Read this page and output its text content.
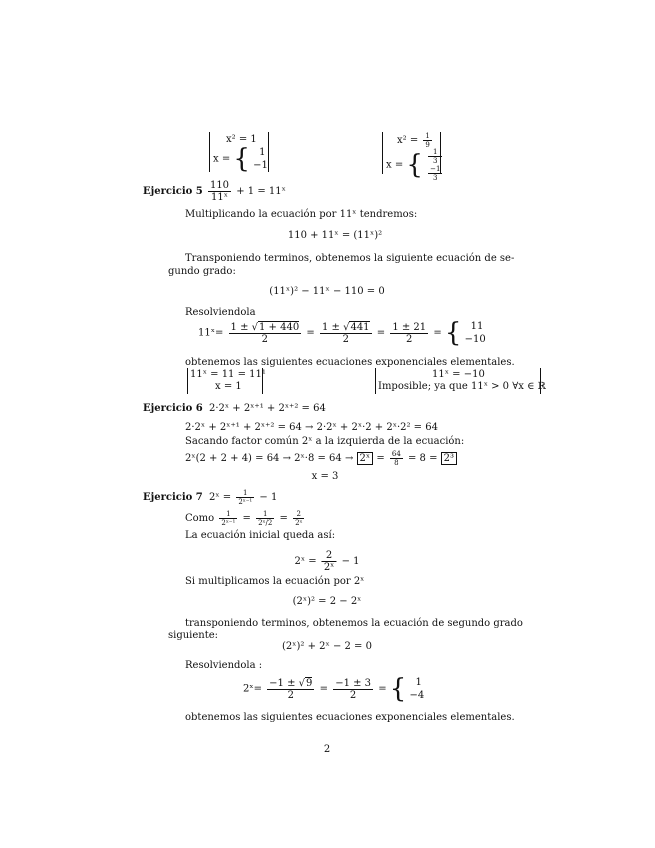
x² = 1
x = { 1
−1
$x^2 = \frac{1}{9}$
x = {	1
3
−1
3
Ejercicio $5 \frac{110}{\text{11ˣ}} + 1$ = 11ˣ
Multiplicando la ecuación por 11ˣ tendremos:
110 + 11ˣ = (11ˣ)²
Transponiendo terminos, obtenemos la siguiente ecuación de se-
gundo grado:
(11ˣ)² − 11ˣ − 110 = 0
Resolviendola
11ˣ= $\frac{1 \pm √1 + 440}{2} = \frac{1 \pm √441}{2} = \frac{1 \pm 21}{2}$ = { 11
−10
obtenemos las siguientes ecuaciones exponenciales elementales.
11ˣ = 11 = 11¹
x = 1
11ˣ = −10
Imposible; ya que 11ˣ > 0 ∀x ∈ ℝ
Ejercicio 6 2·2ˣ + 2ˣ⁺¹ + 2ˣ⁺² = 64
2·2ˣ + 2ˣ⁺¹ + 2ˣ⁺² = 64 → 2·2ˣ + 2ˣ·2 + 2ˣ·2² = 64
Sacando factor común 2ˣ a la izquierda de la ecuación:
2ˣ(2 + 2 + 4) = 64 → 2ˣ·8 = 64 → 2ˣ = $\frac{64}{8} = 8 = 2^3$
x = 3
Ejercicio 7 2ˣ = $\frac{1}{\text{2ˣ⁻¹}} - 1$
Como $\frac{1}{\text{2ˣ⁻¹}} = \frac{1}{\text{2ˣ/2}} = \frac{2}{\text{2ˣ}}$
La ecuación inicial queda así:
2ˣ = $\frac{2}{\text{2ˣ}} - 1$
Si multiplicamos la ecuación por 2ˣ
(2ˣ)² = 2 − 2ˣ
transponiendo terminos, obtenemos la ecuación de segundo grado
siguiente:
(2ˣ)² + 2ˣ − 2 = 0
Resolviendola :
2ˣ= $\frac{-1 \pm √9}{2} = \frac{-1 \pm 3}{2}$ = { 1
−4
obtenemos las siguientes ecuaciones exponenciales elementales.
2
